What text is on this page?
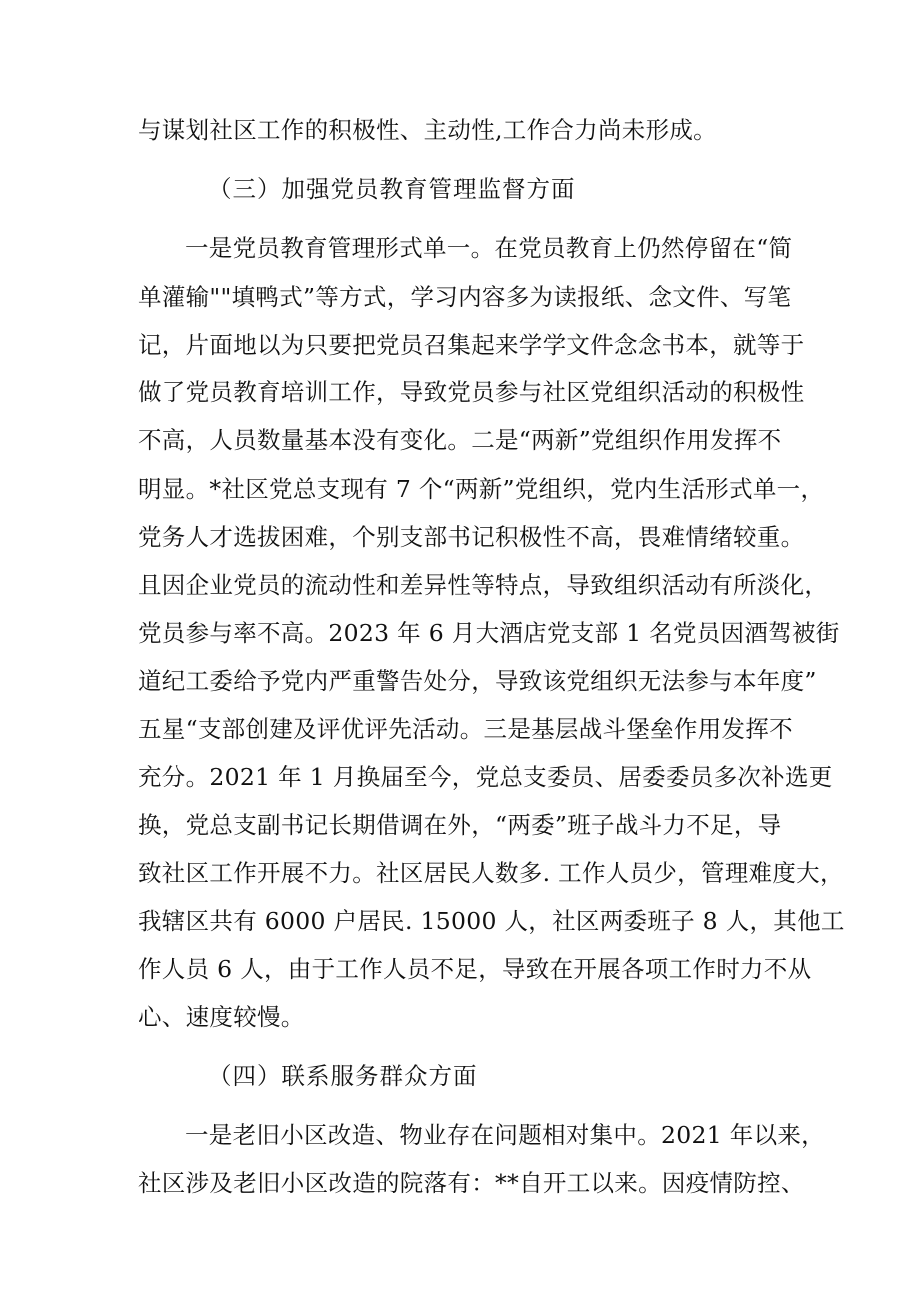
与谋划社区工作的积极性、主动性,工作合力尚未形成。
（三）加强党员教育管理监督方面
一是党员教育管理形式单一。在党员教育上仍然停留在“简
单灌输""填鸭式”等方式，学习内容多为读报纸、念文件、写笔
记，片面地以为只要把党员召集起来学学文件念念书本，就等于
做了党员教育培训工作，导致党员参与社区党组织活动的积极性
不高，人员数量基本没有变化。二是“两新”党组织作用发挥不
明显。*社区党总支现有 7 个“两新”党组织，党内生活形式单一，
党务人才选拔困难，个别支部书记积极性不高，畏难情绪较重。
且因企业党员的流动性和差异性等特点，导致组织活动有所淡化，
党员参与率不高。2023 年 6 月大酒店党支部 1 名党员因酒驾被街
道纪工委给予党内严重警告处分，导致该党组织无法参与本年度”
五星“支部创建及评优评先活动。三是基层战斗堡垒作用发挥不
充分。2021 年 1 月换届至今，党总支委员、居委委员多次补选更
换，党总支副书记长期借调在外，“两委”班子战斗力不足，导
致社区工作开展不力。社区居民人数多. 工作人员少，管理难度大，
我辖区共有 6000 户居民. 15000 人，社区两委班子 8 人，其他工
作人员 6 人，由于工作人员不足，导致在开展各项工作时力不从
心、速度较慢。
（四）联系服务群众方面
一是老旧小区改造、物业存在问题相对集中。2021 年以来，
社区涉及老旧小区改造的院落有：**自开工以来。因疫情防控、
